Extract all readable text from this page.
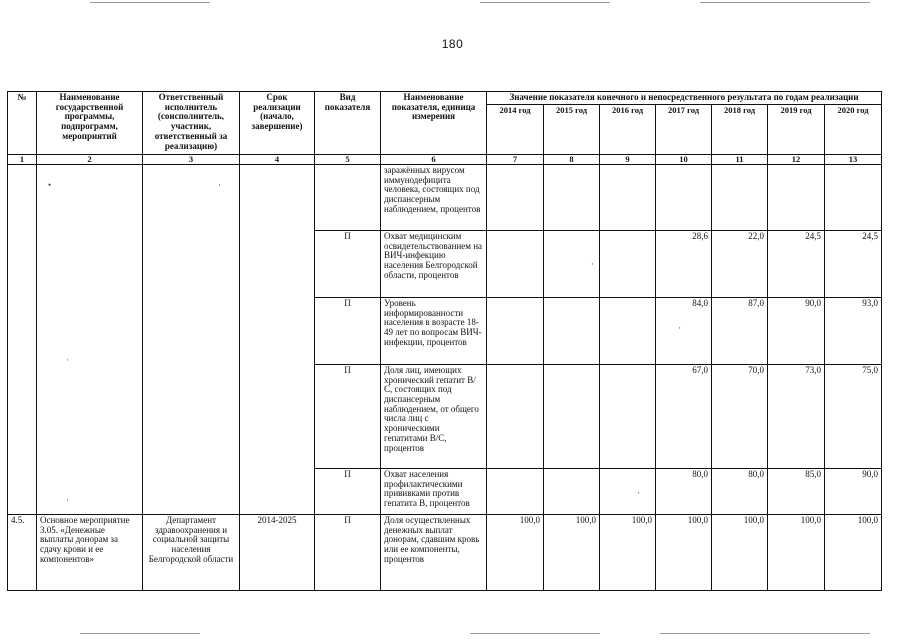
180
№	Наименование государственной программы, подпрограмм, мероприятий	Ответственный исполнитель (соисполнитель, участник, ответственный за реализацию)	Срок реализации (начало, завершение)	Вид показателя	Наименование показателя, единица измерения	Значение показателя конечного и непосредственного результата по годам реализации						
						2014 год	2015 год	2016 год	2017 год	2018 год	2019 год	2020 год
1	2	3	4	5	6	7	8	9	10	11	12	13
					заражённых вирусом иммунодефицита человека, состоящих под диспансерным наблюдением, процентов							
				П	Охват медицинским освидетельствованием на ВИЧ-инфекцию населения Белгородской области, процентов				28,6	22,0	24,5	24,5
				П	Уровень информированности населения в возрасте 18-49 лет по вопросам ВИЧ-инфекции, процентов				84,0	87,0	90,0	93,0
				П	Доля лиц, имеющих хронический гепатит В/С, состоящих под диспансерным наблюдением, от общего числа лиц с хроническими гепатитами В/С, процентов				67,0	70,0	73,0	75,0
				П	Охват населения профилактическими прививками против гепатита В, процентов				80,0	80,0	85,0	90,0
4.5.	Основное мероприятие 3.05. «Денежные выплаты донорам за сдачу крови и ее компонентов»	Департамент здравоохранения и социальной защиты населения Белгородской области	2014-2025	П	Доля осуществленных денежных выплат донорам, сдавшим кровь или ее компоненты, процентов	100,0	100,0	100,0	100,0	100,0	100,0	100,0
•	·
·
·
·
·
·
